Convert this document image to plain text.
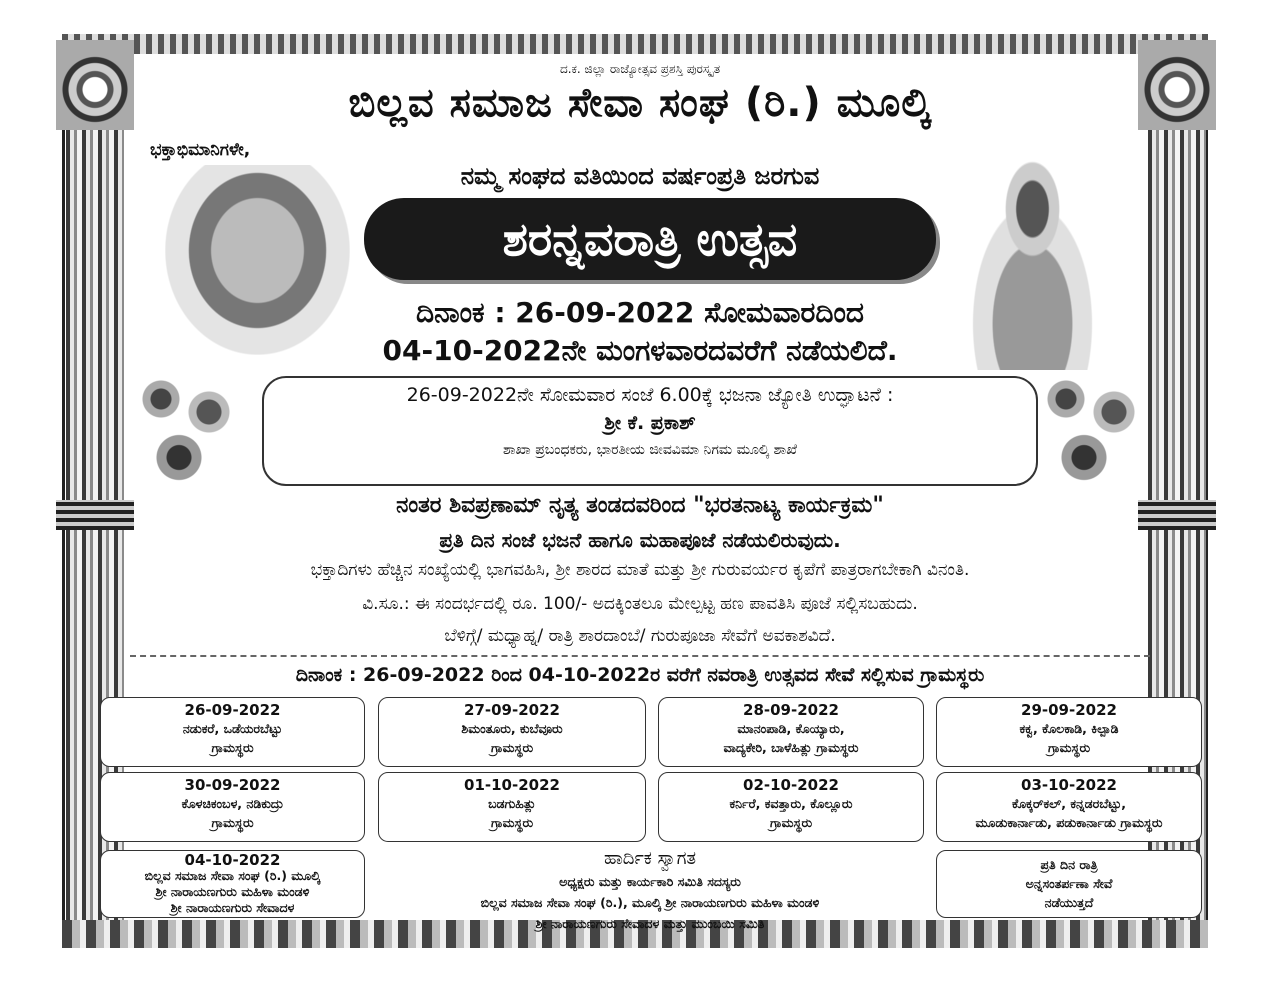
ದ.ಕ. ಜಿಲ್ಲಾ ರಾಜ್ಯೋತ್ಸವ ಪ್ರಶಸ್ತಿ ಪುರಸ್ಕೃತ
ಬಿಲ್ಲವ ಸಮಾಜ ಸೇವಾ ಸಂಘ (ರಿ.) ಮೂಲ್ಕಿ
ಭಕ್ತಾಭಿಮಾನಿಗಳೇ,
ನಮ್ಮ ಸಂಘದ ವತಿಯಿಂದ ವರ್ಷಂಪ್ರತಿ ಜರಗುವ
ಶರನ್ನವರಾತ್ರಿ ಉತ್ಸವ
ದಿನಾಂಕ : 26-09-2022 ಸೋಮವಾರದಿಂದ
04-10-2022ನೇ ಮಂಗಳವಾರದವರೆಗೆ ನಡೆಯಲಿದೆ.
26-09-2022ನೇ ಸೋಮವಾರ ಸಂಜೆ 6.00ಕ್ಕೆ ಭಜನಾ ಜ್ಯೋತಿ ಉದ್ಘಾಟನೆ :
ಶ್ರೀ ಕೆ. ಪ್ರಕಾಶ್
ಶಾಖಾ ಪ್ರಬಂಧಕರು, ಭಾರತೀಯ ಜೀವವಿಮಾ ನಿಗಮ ಮೂಲ್ಕಿ ಶಾಖೆ
ನಂತರ ಶಿವಪ್ರಣಾಮ್ ನೃತ್ಯ ತಂಡದವರಿಂದ "ಭರತನಾಟ್ಯ ಕಾರ್ಯಕ್ರಮ"
ಪ್ರತಿ ದಿನ ಸಂಜೆ ಭಜನೆ ಹಾಗೂ ಮಹಾಪೂಜೆ ನಡೆಯಲಿರುವುದು.
ಭಕ್ತಾದಿಗಳು ಹೆಚ್ಚಿನ ಸಂಖ್ಯೆಯಲ್ಲಿ ಭಾಗವಹಿಸಿ, ಶ್ರೀ ಶಾರದ ಮಾತೆ ಮತ್ತು ಶ್ರೀ ಗುರುವರ್ಯರ ಕೃಪೆಗೆ ಪಾತ್ರರಾಗಬೇಕಾಗಿ ವಿನಂತಿ.
ವಿ.ಸೂ.: ಈ ಸಂದರ್ಭದಲ್ಲಿ ರೂ. 100/- ಅದಕ್ಕಿಂತಲೂ ಮೇಲ್ಪಟ್ಟ ಹಣ ಪಾವತಿಸಿ ಪೂಜೆ ಸಲ್ಲಿಸಬಹುದು.
ಬೆಳಿಗ್ಗೆ/ ಮಧ್ಯಾಹ್ನ/ ರಾತ್ರಿ ಶಾರದಾಂಬೆ/ ಗುರುಪೂಜಾ ಸೇವೆಗೆ ಅವಕಾಶವಿದೆ.
ದಿನಾಂಕ : 26-09-2022 ರಿಂದ 04-10-2022ರ ವರೆಗೆ ನವರಾತ್ರಿ ಉತ್ಸವದ ಸೇವೆ ಸಲ್ಲಿಸುವ ಗ್ರಾಮಸ್ಥರು
26-09-2022
ನಡುಕರೆ, ಒಡೆಯರಬೆಟ್ಟು
ಗ್ರಾಮಸ್ಥರು
27-09-2022
ಶಿಮಂತೂರು, ಕುಬೆವೂರು
ಗ್ರಾಮಸ್ಥರು
28-09-2022
ಮಾನಂಪಾಡಿ, ಕೊಯ್ಯಾರು,
ವಾದ್ಯಕೇರಿ, ಬಾಳೆಹಿತ್ಲು ಗ್ರಾಮಸ್ಥರು
29-09-2022
ಕಕ್ವ, ಕೊಲಕಾಡಿ, ಕಿಲ್ಪಾಡಿ
ಗ್ರಾಮಸ್ಥರು
30-09-2022
ಕೊಳಚಿಕಂಬಳ, ನಡಿಕುದ್ರು
ಗ್ರಾಮಸ್ಥರು
01-10-2022
ಬಡಗುಹಿತ್ಲು
ಗ್ರಾಮಸ್ಥರು
02-10-2022
ಕರ್ನಿರೆ, ಕವತ್ತಾರು, ಕೊಲ್ಲೂರು
ಗ್ರಾಮಸ್ಥರು
03-10-2022
ಕೊಕ್ಕರ್‌ಕಲ್, ಕನ್ನಡರಬೆಟ್ಟು,
ಮೂಡುಕಾರ್ನಾಡು, ಪಡುಕಾರ್ನಾಡು ಗ್ರಾಮಸ್ಥರು
04-10-2022
ಬಿಲ್ಲವ ಸಮಾಜ ಸೇವಾ ಸಂಘ (ರಿ.) ಮೂಲ್ಕಿ
ಶ್ರೀ ನಾರಾಯಣಗುರು ಮಹಿಳಾ ಮಂಡಳಿ
ಶ್ರೀ ನಾರಾಯಣಗುರು ಸೇವಾದಳ
ಹಾರ್ದಿಕ ಸ್ವಾಗತ
ಅಧ್ಯಕ್ಷರು ಮತ್ತು ಕಾರ್ಯಕಾರಿ ಸಮಿತಿ ಸದಸ್ಯರು
ಬಿಲ್ಲವ ಸಮಾಜ ಸೇವಾ ಸಂಘ (ರಿ.), ಮೂಲ್ಕಿ ಶ್ರೀ ನಾರಾಯಣಗುರು ಮಹಿಳಾ ಮಂಡಳಿ
ಶ್ರೀ ನಾರಾಯಣಗುರು ಸೇವಾದಳ ಮತ್ತು ಮುಂಬಯಿ ಸಮಿತಿ
ಪ್ರತಿ ದಿನ ರಾತ್ರಿ
ಅನ್ನಸಂತರ್ಪಣಾ ಸೇವೆ
ನಡೆಯುತ್ತದೆ
